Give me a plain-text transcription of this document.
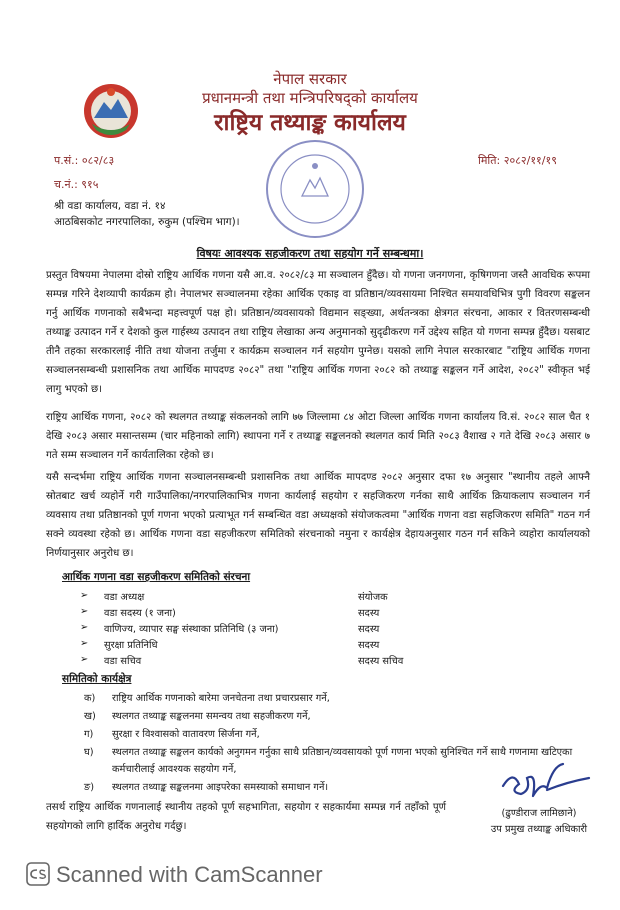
नेपाल सरकार
प्रधानमन्त्री तथा मन्त्रिपरिषद्को कार्यालय
राष्ट्रिय तथ्याङ्क कार्यालय
प.सं.: ०८२/८३
च.नं.: ९१५
मिति: २०८२/११/१९
श्री वडा कार्यालय, वडा नं. १४
आठबिसकोट नगरपालिका, रुकुम (पश्चिम भाग)।
विषयः आवश्यक सहजीकरण तथा सहयोग गर्ने सम्बन्धमा।
प्रस्तुत विषयमा नेपालमा दोस्रो राष्ट्रिय आर्थिक गणना यसै आ.व. २०८२/८३ मा सञ्चालन हुँदैछ। यो गणना जनगणना, कृषिगणना जस्तै आवधिक रूपमा सम्पन्न गरिने देशव्यापी कार्यक्रम हो। नेपालभर सञ्चालनमा रहेका आर्थिक एकाइ वा प्रतिष्ठान/व्यवसायमा निश्चित समयावधिभित्र पुगी विवरण सङ्कलन गर्नु आर्थिक गणनाको सबैभन्दा महत्त्वपूर्ण पक्ष हो। प्रतिष्ठान/व्यवसायको विद्यमान सङ्ख्या, अर्थतन्त्रका क्षेत्रगत संरचना, आकार र वितरणसम्बन्धी तथ्याङ्क उत्पादन गर्ने र देशको कुल गार्हस्थ्य उत्पादन तथा राष्ट्रिय लेखाका अन्य अनुमानको सुदृढीकरण गर्ने उद्देश्य सहित यो गणना सम्पन्न हुँदैछ। यसबाट तीनै तहका सरकारलाई नीति तथा योजना तर्जुमा र कार्यक्रम सञ्चालन गर्न सहयोग पुग्नेछ। यसको लागि नेपाल सरकारबाट "राष्ट्रिय आर्थिक गणना सञ्चालनसम्बन्धी प्रशासनिक तथा आर्थिक मापदण्ड २०८२" तथा "राष्ट्रिय आर्थिक गणना २०८२ को तथ्याङ्क सङ्कलन गर्ने आदेश, २०८२" स्वीकृत भई लागु भएको छ।
राष्ट्रिय आर्थिक गणना, २०८२ को स्थलगत तथ्याङ्क संकलनको लागि ७७ जिल्लामा ८४ ओटा जिल्ला आर्थिक गणना कार्यालय वि.सं. २०८२ साल चैत १ देखि २०८३ असार मसान्तसम्म (चार महिनाको लागि) स्थापना गर्ने र तथ्याङ्क सङ्कलनको स्थलगत कार्य मिति २०८३ वैशाख २ गते देखि २०८३ असार ७ गते सम्म सञ्चालन गर्ने कार्यतालिका रहेको छ।
यसै सन्दर्भमा राष्ट्रिय आर्थिक गणना सञ्चालनसम्बन्धी प्रशासनिक तथा आर्थिक मापदण्ड २०८२ अनुसार दफा १७ अनुसार "स्थानीय तहले आफ्नै स्रोतबाट खर्च व्यहोर्ने गरी गाउँपालिका/नगरपालिकाभित्र गणना कार्यलाई सहयोग र सहजिकरण गर्नका साथै आर्थिक क्रियाकलाप सञ्चालन गर्न व्यवसाय तथा प्रतिष्ठानको पूर्ण गणना भएको प्रत्याभूत गर्न सम्बन्धित वडा अध्यक्षको संयोजकत्वमा "आर्थिक गणना वडा सहजिकरण समिति" गठन गर्न सक्ने व्यवस्था रहेको छ। आर्थिक गणना वडा सहजीकरण समितिको संरचनाको नमुना र कार्यक्षेत्र देहायअनुसार गठन गर्न सकिने व्यहोरा कार्यालयको निर्णयानुसार अनुरोध छ।
आर्थिक गणना वडा सहजीकरण समितिको संरचना
➢ वडा अध्यक्ष	संयोजक
➢ वडा सदस्य (१ जना)	सदस्य
➢ वाणिज्य, व्यापार सङ्घ संस्थाका प्रतिनिधि (३ जना)	सदस्य
➢ सुरक्षा प्रतिनिधि	सदस्य
➢ वडा सचिव	सदस्य सचिव
समितिको कार्यक्षेत्र
क) राष्ट्रिय आर्थिक गणनाको बारेमा जनचेतना तथा प्रचारप्रसार गर्ने,
ख) स्थलगत तथ्याङ्क सङ्कलनमा समन्वय तथा सहजीकरण गर्ने,
ग) सुरक्षा र विश्वासको वातावरण सिर्जना गर्ने,
घ) स्थलगत तथ्याङ्क सङ्कलन कार्यको अनुगमन गर्नुका साथै प्रतिष्ठान/व्यवसायको पूर्ण गणना भएको सुनिश्चित गर्ने साथै गणनामा खटिएका कर्मचारीलाई आवश्यक सहयोग गर्ने,
ङ) स्थलगत तथ्याङ्क सङ्कलनमा आइपरेका समस्याको समाधान गर्ने।
तसर्थ राष्ट्रिय आर्थिक गणनालाई स्थानीय तहको पूर्ण सहभागिता, सहयोग र सहकार्यमा सम्पन्न गर्न तहाँको पूर्ण सहयोगको लागि हार्दिक अनुरोध गर्दछु।
(ढुण्डीराज लामिछाने)
उप प्रमुख तथ्याङ्क अधिकारी
Scanned with CamScanner
